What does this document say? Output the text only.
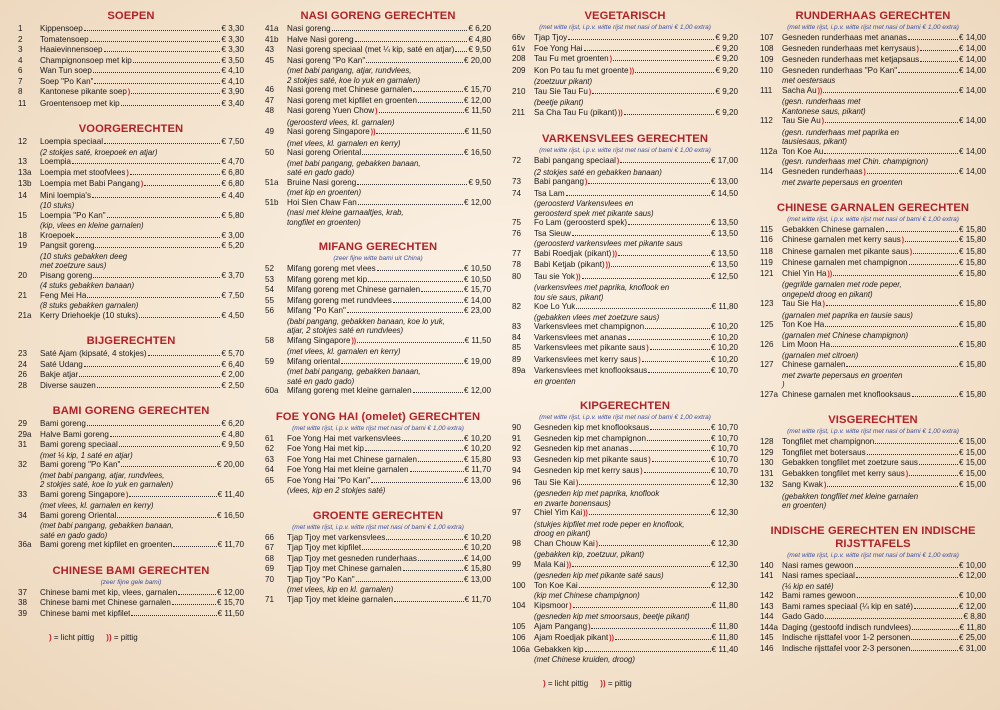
SOEPEN
1	Kippensoep	€ 3,30
2	Tomatensoep	€ 3,30
3	Haaievinnensoep	€ 3,30
4	Champignonsoep met kip	€ 3,50
6	Wan Tun soep	€ 4,10
7	Soep "Po Kan"	€ 4,10
8	Kantonese pikante soep )	€ 3,90
11	Groentensoep met kip	€ 3,40
VOORGERECHTEN
12	Loempia speciaal	€ 7,50
(2 stokjes saté, kroepoek en atjar)
13	Loempia	€ 4,70
13a	Loempia met stoofvlees )	€ 6,80
13b	Loempia met Babi Pangang )	€ 6,80
14	Mini loempia's	€ 4,40
(10 stuks)
15	Loempia "Po Kan"	€ 5,80
(kip, vlees en kleine garnalen)
18	Kroepoek	€ 3,00
19	Pangsit goreng	€ 5,20
(10 stuks gebakken deeg
met zoetzure saus)
20	Pisang goreng	€ 3,70
(4 stuks gebakken banaan)
21	Feng Mei Ha	€ 7,50
(8 stuks gebakken garnalen)
21a	Kerry Driehoekje (10 stuks)	€ 4,50
BIJGERECHTEN
23	Saté Ajam (kipsaté, 4 stokjes)	€ 5,70
24	Saté Udang	€ 6,40
26	Bakje atjar	€ 2,00
28	Diverse sauzen	€ 2,50
BAMI GORENG GERECHTEN
29	Bami goreng	€ 6,20
29a	Halve Bami goreng	€ 4,80
31	Bami goreng speciaal	€ 9,50
(met ¼ kip, 1 saté en atjar)
32	Bami goreng "Po Kan"	€ 20,00
(met babi pangang, atjar, rundvlees,
2 stokjes saté, koe lo yuk en garnalen)
33	Bami goreng Singapore )	€ 11,40
(met vlees, kl. garnalen en kerry)
34	Bami goreng Oriental	€ 16,50
(met babi pangang, gebakken banaan,
saté en gado gado)
36a	Bami goreng met kipfilet en groenten	€ 11,70
CHINESE BAMI GERECHTEN
(zeer fijne gele bami)
37	Chinese bami met kip, vlees, garnalen	€ 12,00
38	Chinese bami met Chinese garnalen	€ 15,70
39	Chinese bami met kipfilet	€ 11,50
) = licht pittig )) = pittig
NASI GORENG GERECHTEN
41a	Nasi goreng	€ 6,20
41b	Halve Nasi goreng	€ 4,80
43	Nasi goreng speciaal (met ¼ kip, saté en atjar) € 9,50
45	Nasi goreng "Po Kan"	€ 20,00
(met babi pangang, atjar, rundvlees,
2 stokjes saté, koe lo yuk en garnalen)
46	Nasi goreng met Chinese garnalen	€ 15,70
47	Nasi goreng met kipfilet en groenten	€ 12,00
48	Nasi goreng Yuen Chow )	€ 11,50
(geroosterd vlees, kl. garnalen)
49	Nasi goreng Singapore ))	€ 11,50
(met vlees, kl. garnalen en kerry)
50	Nasi goreng Oriental	€ 16,50
(met babi pangang, gebakken banaan,
saté en gado gado)
51a	Bruine Nasi goreng	€ 9,50
(met kip en groenten)
51b	Hoi Sien Chaw Fan	€ 12,00
(nasi met kleine garnaaltjes, krab,
tongfilet en groenten)
MIFANG GERECHTEN
(zeer fijne witte bami uit China)
52	Mifang goreng met vlees	€ 10,50
53	Mifang goreng met kip	€ 10,50
54	Mifang goreng met Chinese garnalen	€ 15,70
55	Mifang goreng met rundvlees	€ 14,00
56	Mifang "Po Kan"	€ 23,00
(babi pangang, gebakken banaan, koe lo yuk,
atjar, 2 stokjes saté en rundvlees)
58	Mifang Singapore ))	€ 11,50
(met vlees, kl. garnalen en kerry)
59	Mifang oriental	€ 19,00
(met babi pangang, gebakken banaan,
saté en gado gado)
60a	Mifang goreng met kleine garnalen	€ 12,00
FOE YONG HAI (omelet) GERECHTEN
(met witte rijst, i.p.v. witte rijst met nasi of bami € 1,00 extra)
61	Foe Yong Hai met varkensvlees	€ 10,20
62	Foe Yong Hai met kip	€ 10,20
63	Foe Yong Hai met Chinese garnalen	€ 15,80
64	Foe Yong Hai met kleine garnalen	€ 11,70
65	Foe Yong Hai "Po Kan"	€ 13,00
(vlees, kip en 2 stokjes saté)
GROENTE GERECHTEN
(met witte rijst, i.p.v. witte rijst met nasi of bami € 1,00 extra)
66	Tjap Tjoy met varkensvlees	€ 10,20
67	Tjap Tjoy met kipfilet	€ 10,20
68	Tjap Tjoy met gesneden runderhaas	€ 14,00
69	Tjap Tjoy met Chinese garnalen	€ 15,80
70	Tjap Tjoy "Po Kan"	€ 13,00
(met vlees, kip en kl. garnalen)
71	Tjap Tjoy met kleine garnalen	€ 11,70
VEGETARISCH
(met witte rijst, i.p.v. witte rijst met nasi of bami € 1,00 extra)
66v	Tjap Tjoy	€ 9,20
61v	Foe Yong Hai	€ 9,20
208	Tau Fu met groenten )	€ 9,20
209	Kon Po tau fu met groente ))	€ 9,20
(zoetzuur pikant)
210	Tau Sie Tau Fu )	€ 9,20
(beetje pikant)
211	Sa Cha Tau Fu (pikant) ))	€ 9,20
VARKENSVLEES GERECHTEN
(met witte rijst, i.p.v. witte rijst met nasi of bami € 1,00 extra)
72	Babi pangang speciaal )	€ 17,00
(2 stokjes saté en gebakken banaan)
73	Babi pangang )	€ 13,00
74	Tsa Lam	€ 14,50
(geroosterd Varkensvlees en
geroosterd spek met pikante saus)
75	Fo Lam (geroosterd spek)	€ 13,50
76	Tsa Sieuw	€ 13,50
(geroosterd varkensvlees met pikante saus
77	Babi Roedjak (pikant) ))	€ 13,50
78	Babi Ketjab (pikant) ))	€ 13,50
80	Tau sie Yok ))	€ 12,50
(varkensvlees met paprika, knoflook en
tou sie saus, pikant)
82	Koe Lo Yuk	€ 11,80
(gebakken vlees met zoetzure saus)
83	Varkensvlees met champignon	€ 10,20
84	Varkensvlees met ananas	€ 10,20
85	Varkensvlees met pikante saus )	€ 10,20
89	Varkensvlees met kerry saus )	€ 10,20
89a	Varkensvlees met knoflooksaus	€ 10,70
en groenten
KIPGERECHTEN
(met witte rijst, i.p.v. witte rijst met nasi of bami € 1,00 extra)
90	Gesneden kip met knoflooksaus	€ 10,70
91	Gesneden kip met champignon	€ 10,70
92	Gesneden kip met ananas	€ 10,70
93	Gesneden kip met pikante saus )	€ 10,70
94	Gesneden kip met kerry saus )	€ 10,70
96	Tau Sie Kai )	€ 12,30
(gesneden kip met paprika, knoflook
en zwarte bonensaus)
97	Chiel Yim Kai ))	€ 12,30
(stukjes kipfilet met rode peper en knoflook,
droog en pikant)
98	Chan Chouw Kai )	€ 12,30
(gebakken kip, zoetzuur, pikant)
99	Mala Kai ))	€ 12,30
(gesneden kip met pikante saté saus)
100	Ton Koe Kai	€ 12,30
(kip met Chinese champignon)
104	Kipsmoor )	€ 11,80
(gesneden kip met smoorsaus, beetje pikant)
105	Ajam Pangang )	€ 11,80
106	Ajam Roedjak pikant ))	€ 11,80
106a Gebakken kip	€ 11,40
(met Chinese kruiden, droog)
) = licht pittig )) = pittig
RUNDERHAAS GERECHTEN
(met witte rijst, i.p.v. witte rijst met nasi of bami € 1,00 extra)
107	Gesneden runderhaas met ananas	€ 14,00
108	Gesneden runderhaas met kerrysaus )	€ 14,00
109	Gesneden runderhaas met ketjapsaus	€ 14,00
110	Gesneden runderhaas "Po Kan"	€ 14,00
met oestersaus
111	Sacha Au ))	€ 14,00
(gesn. runderhaas met
Kantonese saus, pikant)
112	Tau Sie Au )	€ 14,00
(gesn. runderhaas met paprika en
tausiesaus, pikant)
112a Ton Koe Au	€ 14,00
(gesn. runderhaas met Chin. champignon)
114	Gesneden runderhaas )	€ 14,00
met zwarte pepersaus en groenten
CHINESE GARNALEN GERECHTEN
(met witte rijst, i.p.v. witte rijst met nasi of bami € 1,00 extra)
115	Gebakken Chinese garnalen	€ 15,80
116	Chinese garnalen met kerry saus )	€ 15,80
118	Chinese garnalen met pikante saus )	€ 15,80
119	Chinese garnalen met champignon	€ 15,80
121	Chiel Yin Ha ))	€ 15,80
(gegrilde garnalen met rode peper,
ongepeld droog en pikant)
123	Tau Sie Ha )	€ 15,80
(garnalen met paprika en tausie saus)
125	Ton Koe Ha	€ 15,80
(garnalen met Chinese champignon)
126	Lim Moon Ha	€ 15,80
(garnalen met citroen)
127	Chinese garnalen	€ 15,80
met zwarte pepersaus en groenten
)
127a Chinese garnalen met knoflooksaus	€ 15,80
VISGERECHTEN
(met witte rijst, i.p.v. witte rijst met nasi of bami € 1,00 extra)
128	Tongfilet met champignon	€ 15,00
129	Tongfilet met botersaus	€ 15,00
130	Gebakken tongfilet met zoetzure saus	€ 15,00
131	Gebakken tongfilet met kerry saus )	€ 15,00
132	Sang Kwak )	€ 15,00
(gebakken tongfilet met kleine garnalen
en groenten)
INDISCHE GERECHTEN EN INDISCHE RIJSTTAFELS
(met witte rijst, i.p.v. witte rijst met nasi of bami € 1,00 extra)
140	Nasi rames gewoon	€ 10,00
141	Nasi rames speciaal	€ 12,00
(¼ kip en saté)
142	Bami rames gewoon	€ 10,00
143	Bami rames speciaal (¼ kip en saté)	€ 12,00
144	Gado Gado	€ 8,80
144a Daging (gestoofd indisch rundvlees)	€ 11,80
145	Indische rijsttafel voor 1-2 personen	€ 25,00
146	Indische rijsttafel voor 2-3 personen	€ 31,00
